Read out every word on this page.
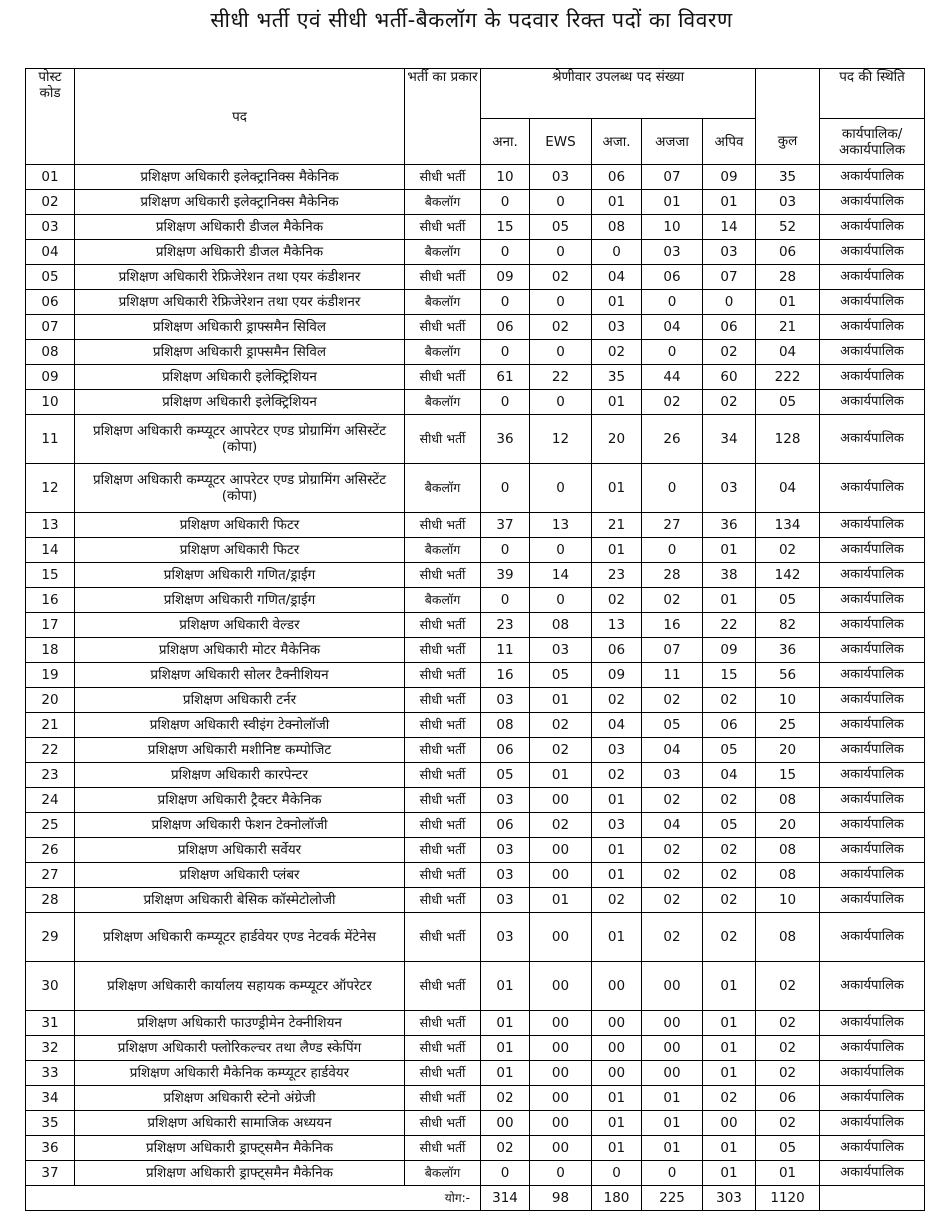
सीधी भर्ती एवं सीधी भर्ती-बैकलॉग के पदवार रिक्त पदों का विवरण
पोस्ट कोड	पद	भर्ती का प्रकार	श्रेणीवार उपलब्ध पद संख्या						पद की स्थिति
			अना.	EWS	अजा.	अजजा	अपिव	कुल	कार्यपालिक/ अकार्यपालिक
01	प्रशिक्षण अधिकारी इलेक्ट्रानिक्स मैकेनिक	सीधी भर्ती	10	03	06	07	09	35	अकार्यपालिक
02	प्रशिक्षण अधिकारी इलेक्ट्रानिक्स मैकेनिक	बैकलॉग	0	0	01	01	01	03	अकार्यपालिक
03	प्रशिक्षण अधिकारी डीजल मैकेनिक	सीधी भर्ती	15	05	08	10	14	52	अकार्यपालिक
04	प्रशिक्षण अधिकारी डीजल मैकेनिक	बैकलॉग	0	0	0	03	03	06	अकार्यपालिक
05	प्रशिक्षण अधिकारी रेफ्रिजेरेशन तथा एयर कंडीशनर	सीधी भर्ती	09	02	04	06	07	28	अकार्यपालिक
06	प्रशिक्षण अधिकारी रेफ्रिजेरेशन तथा एयर कंडीशनर	बैकलॉग	0	0	01	0	0	01	अकार्यपालिक
07	प्रशिक्षण अधिकारी ड्राफ्समैन सिविल	सीधी भर्ती	06	02	03	04	06	21	अकार्यपालिक
08	प्रशिक्षण अधिकारी ड्राफ्समैन सिविल	बैकलॉग	0	0	02	0	02	04	अकार्यपालिक
09	प्रशिक्षण अधिकारी इलेक्ट्रिशियन	सीधी भर्ती	61	22	35	44	60	222	अकार्यपालिक
10	प्रशिक्षण अधिकारी इलेक्ट्रिशियन	बैकलॉग	0	0	01	02	02	05	अकार्यपालिक
11	प्रशिक्षण अधिकारी कम्प्यूटर आपरेटर एण्ड प्रोग्रामिंग असिस्टेंट (कोपा)	सीधी भर्ती	36	12	20	26	34	128	अकार्यपालिक
12	प्रशिक्षण अधिकारी कम्प्यूटर आपरेटर एण्ड प्रोग्रामिंग असिस्टेंट (कोपा)	बैकलॉग	0	0	01	0	03	04	अकार्यपालिक
13	प्रशिक्षण अधिकारी फिटर	सीधी भर्ती	37	13	21	27	36	134	अकार्यपालिक
14	प्रशिक्षण अधिकारी फिटर	बैकलॉग	0	0	01	0	01	02	अकार्यपालिक
15	प्रशिक्षण अधिकारी गणित/ड्राईग	सीधी भर्ती	39	14	23	28	38	142	अकार्यपालिक
16	प्रशिक्षण अधिकारी गणित/ड्राईग	बैकलॉग	0	0	02	02	01	05	अकार्यपालिक
17	प्रशिक्षण अधिकारी वेल्डर	सीधी भर्ती	23	08	13	16	22	82	अकार्यपालिक
18	प्रशिक्षण अधिकारी मोटर मैकेनिक	सीधी भर्ती	11	03	06	07	09	36	अकार्यपालिक
19	प्रशिक्षण अधिकारी सोलर टैक्नीशियन	सीधी भर्ती	16	05	09	11	15	56	अकार्यपालिक
20	प्रशिक्षण अधिकारी टर्नर	सीधी भर्ती	03	01	02	02	02	10	अकार्यपालिक
21	प्रशिक्षण अधिकारी स्वीइंग टेक्नोलॉजी	सीधी भर्ती	08	02	04	05	06	25	अकार्यपालिक
22	प्रशिक्षण अधिकारी मशीनिष्ट कम्पोजिट	सीधी भर्ती	06	02	03	04	05	20	अकार्यपालिक
23	प्रशिक्षण अधिकारी कारपेन्टर	सीधी भर्ती	05	01	02	03	04	15	अकार्यपालिक
24	प्रशिक्षण अधिकारी ट्रैक्टर मैकेनिक	सीधी भर्ती	03	00	01	02	02	08	अकार्यपालिक
25	प्रशिक्षण अधिकारी फेशन टेक्नोलॉजी	सीधी भर्ती	06	02	03	04	05	20	अकार्यपालिक
26	प्रशिक्षण अधिकारी सर्वेयर	सीधी भर्ती	03	00	01	02	02	08	अकार्यपालिक
27	प्रशिक्षण अधिकारी प्लंबर	सीधी भर्ती	03	00	01	02	02	08	अकार्यपालिक
28	प्रशिक्षण अधिकारी बेसिक कॉस्मेटोलोजी	सीधी भर्ती	03	01	02	02	02	10	अकार्यपालिक
29	प्रशिक्षण अधिकारी कम्प्यूटर हार्डवेयर एण्ड नेटवर्क मेंटेनेस	सीधी भर्ती	03	00	01	02	02	08	अकार्यपालिक
30	प्रशिक्षण अधिकारी कार्यालय सहायक कम्प्यूटर ऑपरेटर	सीधी भर्ती	01	00	00	00	01	02	अकार्यपालिक
31	प्रशिक्षण अधिकारी फाउण्ड्रीमेन टेक्नीशियन	सीधी भर्ती	01	00	00	00	01	02	अकार्यपालिक
32	प्रशिक्षण अधिकारी फ्लोरिकल्चर तथा लैण्ड स्केपिंग	सीधी भर्ती	01	00	00	00	01	02	अकार्यपालिक
33	प्रशिक्षण अधिकारी मैकेनिक कम्प्यूटर हार्डवेयर	सीधी भर्ती	01	00	00	00	01	02	अकार्यपालिक
34	प्रशिक्षण अधिकारी स्टेनो अंग्रेजी	सीधी भर्ती	02	00	01	01	02	06	अकार्यपालिक
35	प्रशिक्षण अधिकारी सामाजिक अध्ययन	सीधी भर्ती	00	00	01	01	00	02	अकार्यपालिक
36	प्रशिक्षण अधिकारी ड्राफ्ट्समैन मैकेनिक	सीधी भर्ती	02	00	01	01	01	05	अकार्यपालिक
37	प्रशिक्षण अधिकारी ड्राफ्ट्समैन मैकेनिक	बैकलॉग	0	0	0	0	01	01	अकार्यपालिक
योग:-			314	98	180	225	303	1120	
